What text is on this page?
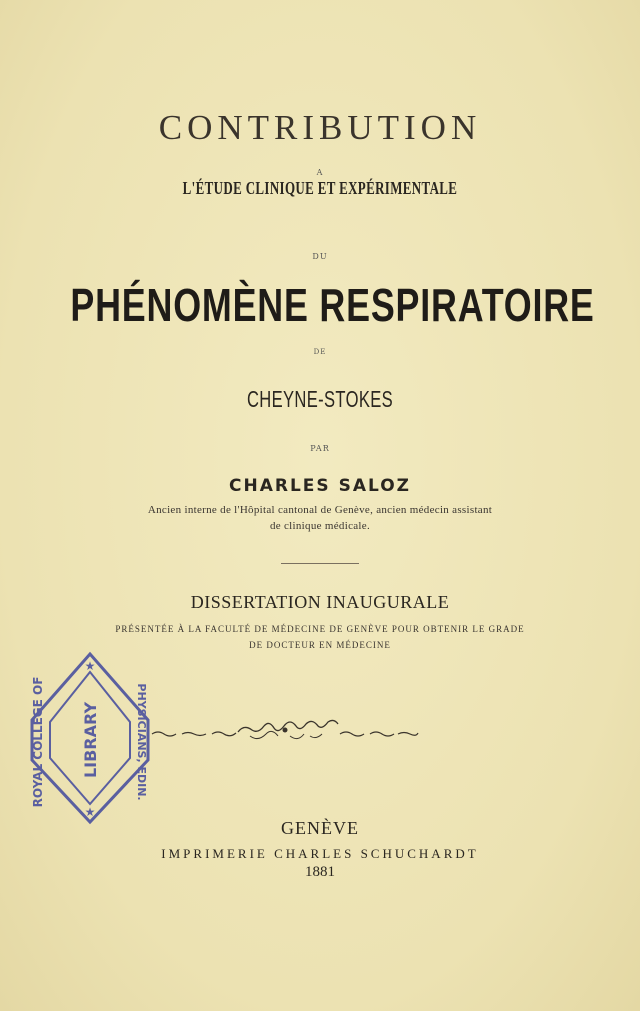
CONTRIBUTION
A
L'ÉTUDE CLINIQUE ET EXPÉRIMENTALE
DU
PHÉNOMÈNE RESPIRATOIRE
DE
CHEYNE-STOKES
PAR
CHARLES SALOZ
Ancien interne de l'Hôpital cantonal de Genève, ancien médecin assistant
de clinique médicale.
DISSERTATION INAUGURALE
PRÉSENTÉE À LA FACULTÉ DE MÉDECINE DE GENÈVE POUR OBTENIR LE GRADE
DE DOCTEUR EN MÉDECINE
★
★
ROYAL COLLEGE OF LIBRARY	PHYSICIANS, EDIN.
GENÈVE
IMPRIMERIE CHARLES SCHUCHARDT
1881
